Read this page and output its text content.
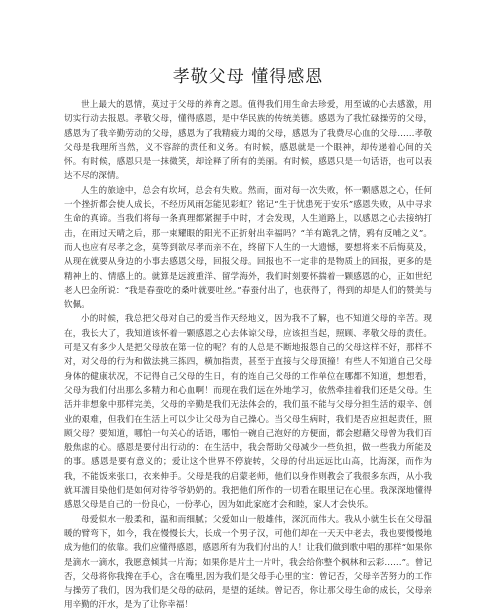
孝敬父母 懂得感恩

世上最大的恩情，莫过于父母的养育之恩。值得我们用生命去珍爱，用至诚的心去感激，用切实行动去报恩。孝敬父母，懂得感恩，是中华民族的传统美德。感恩为了我忙碌操劳的父母，感恩为了我辛勤劳动的父母，感恩为了我精疲力竭的父母，感恩为了我费尽心血的父母……孝敬父母是我理所当然，义不容辞的责任和义务。有时候，感恩就是一个眼神，却传递着心间的关怀。有时候，感恩只是一抹微笑，却诠释了所有的美丽。有时候，感恩只是一句话语，也可以表达不尽的深情。

人生的旅途中，总会有坎坷，总会有失败。然而，面对每一次失败，怀一颗感恩之心，任何一个挫折都会使人成长，不经历风雨怎能见彩虹？铭记“生于忧患死于安乐”感恩失败，从中寻求生命的真谛。当我们将每一条真理都紧握手中时，才会发现，人生道路上，以感恩之心去接纳打击，在雨过天晴之后，那一束耀眼的阳光不正折射出幸福吗？“羊有跪乳之情，鸦有反哺之义”。而人也应有尽孝之念，莫等到欲尽孝而亲不在，终留下人生的一大遗憾，要想将来不后悔莫及，从现在就要从身边的小事去感恩父母，回报父母。回报也不一定非的是物质上的回报，更多的是精神上的、情感上的。就算是远渡重洋、留学海外，我们时刻要怀揣着一颗感恩的心，正如世纪老人巴金所说：“我是春蚕吃的桑叶就要吐丝。”春蚕付出了，也获得了，得到的却是人们的赞美与钦佩。

小的时候，我总把父母对自己的爱当作天经地义，因为我不了解，也不知道父母的辛苦。现在，我长大了，我知道该怀着一颗感恩之心去体谅父母，应该担当起，照顾、孝敬父母的责任。可是又有多少人是把父母放在第一位的呢？有的人总是不断地报怨自己的父母这样不好，那样不对，对父母的行为和做法挑三拣四，横加指责，甚至于直接与父母顶撞！有些人不知道自己父母身体的健康状况，不记得自己父母的生日，有的连自己父母的工作单位在哪都不知道，想想看，父母为我们付出那么多精力和心血啊！而现在我们远在外地学习，依然牵挂着我们还是父母。生活并非想象中那样完美，父母的辛勤是我们无法体会的，我们虽不能与父母分担生活的艰辛、创业的艰难，但我们在生活上可以少让父母为自己操心。当父母生病时，我们是否应担起责任，照顾父母？要知道，哪怕一句关心的话语，哪怕一碗自己泡好的方便面，都会慰藉父母曾为我们百般焦虑的心。感恩是要付出行动的：在生活中，我会帮助父母减少一些负担，做一些我力所能及的事。感恩是要有意义的；爱让这个世界不停旋转，父母的付出远远比山高，比海深，而作为我，不能饭来张口，衣来伸手。父母是我的启蒙老师，他们以身作则教会了我很多东西，从小我就耳濡目染他们是如何对待爷爷奶奶的。我把他们所作的一切看在眼里记在心里。我深深地懂得感恩父母是自己的一份良心，一份孝心，因为如此家庭才会和睦，家人才会快乐。

母爱似水一般柔和，温和而细腻；父爱如山一般雄伟，深沉而伟大。我从小就生长在父母温暖的臂弯下，如今，我在慢慢长大，长成一个男子汉，可他们却在一天天中老去，我也要慢慢地成为他们的依靠。我们应懂得感恩，感恩所有为我们付出的人！让我们做到歌中唱的那样“如果你是滴水一滴水，我愿意倾其一片海；如果你是片土一片叶，我会给你整个枫林和云彩……”。曾记否，父母将你我搀在手心，含在嘴里,因为我们是父母手心里的宝：曾记否，父母辛苦努力的工作与操劳了我们，因为我们是父母的砝码，是望的延续。曾记否，你让那父母生命的成长，父母亲用辛勤的汗水，是为了让你幸福！
